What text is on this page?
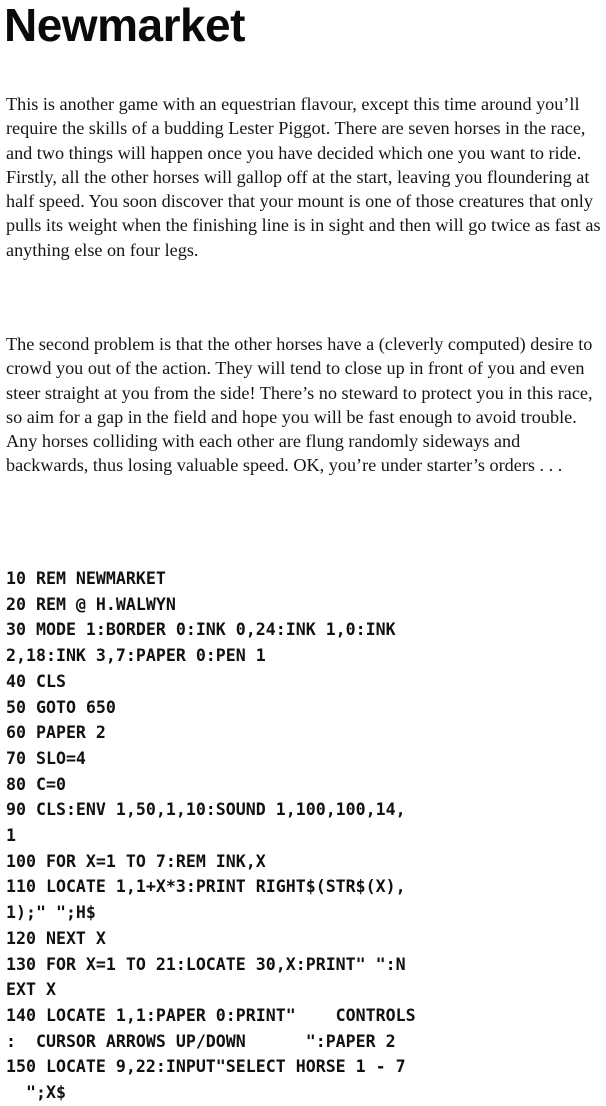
Newmarket

This is another game with an equestrian flavour, except this time around you’ll require the skills of a budding Lester Piggot. There are seven horses in the race, and two things will happen once you have decided which one you want to ride. Firstly, all the other horses will gallop off at the start, leaving you floundering at half speed. You soon discover that your mount is one of those creatures that only pulls its weight when the finishing line is in sight and then will go twice as fast as anything else on four legs.

The second problem is that the other horses have a (cleverly computed) desire to crowd you out of the action. They will tend to close up in front of you and even steer straight at you from the side! There’s no steward to protect you in this race, so aim for a gap in the field and hope you will be fast enough to avoid trouble. Any horses colliding with each other are flung randomly sideways and backwards, thus losing valuable speed. OK, you’re under starter’s orders . . .

10 REM NEWMARKET
20 REM @ H.WALWYN
30 MODE 1:BORDER 0:INK 0,24:INK 1,0:INK
2,18:INK 3,7:PAPER 0:PEN 1
40 CLS
50 GOTO 650
60 PAPER 2
70 SLO=4
80 C=0
90 CLS:ENV 1,50,1,10:SOUND 1,100,100,14,
1
100 FOR X=1 TO 7:REM INK,X
110 LOCATE 1,1+X*3:PRINT RIGHT$(STR$(X),
1);" ";H$
120 NEXT X
130 FOR X=1 TO 21:LOCATE 30,X:PRINT" ":N
EXT X
140 LOCATE 1,1:PAPER 0:PRINT"    CONTROLS
:  CURSOR ARROWS UP/DOWN      ":PAPER 2
150 LOCATE 9,22:INPUT"SELECT HORSE 1 - 7
";X$
